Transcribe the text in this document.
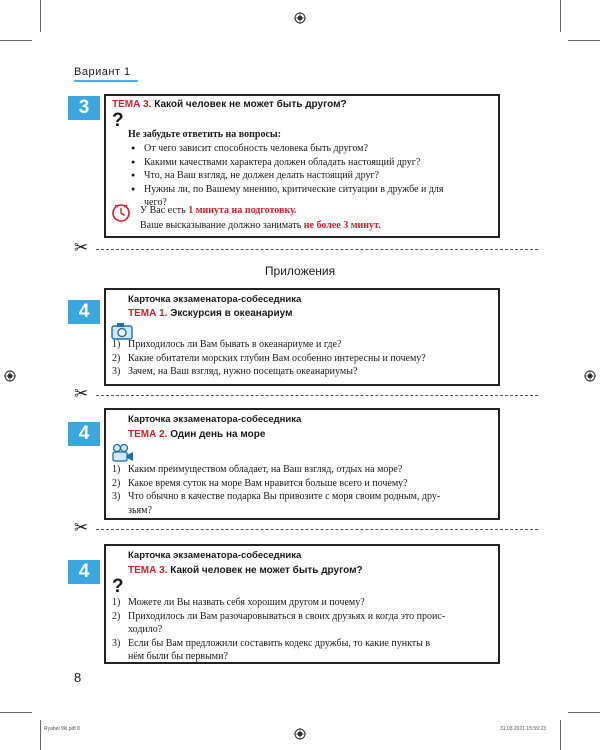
Вариант 1
3	ТЕМА 3. Какой человек не может быть другом?
?
Не забудьте ответить на вопросы:
● От чего зависит способность человека быть другом?
● Какими качествами характера должен обладать настоящий друг?
● Что, на Ваш взгляд, не должен делать настоящий друг?
● Нужны ли, по Вашему мнению, критические ситуации в дружбе и для
чего?
У Вас есть 1 минута на подготовку.
Ваше высказывание должно занимать не более 3 минут.
✂
Приложения
4
Карточка экзаменатора-собеседника
ТЕМА 1. Экскурсия в океанариум
1) Приходилось ли Вам бывать в океанариуме и где?
2) Какие обитатели морских глубин Вам особенно интересны и почему?
3) Зачем, на Ваш взгляд, нужно посещать океанариумы?
✂
4
Карточка экзаменатора-собеседника
ТЕМА 2. Один день на море
1) Каким преимуществом обладает, на Ваш взгляд, отдых на море?
2) Какое время суток на море Вам нравится больше всего и почему?
3) Что обычно в качестве подарка Вы привозите с моря своим родным, дру-
зьям?
✂
4
Карточка экзаменатора-собеседника
ТЕМА 3. Какой человек не может быть другом?
?
1) Можете ли Вы назвать себя хорошим другом и почему?
2) Приходилось ли Вам разочаровываться в своих друзьях и когда это проис-
ходило?
3) Если бы Вам предложили составить кодекс дружбы, то какие пункты в
нём были бы первыми?
8
Ryabel 9kl.pdf 8	31.03.2021 15:59:23
